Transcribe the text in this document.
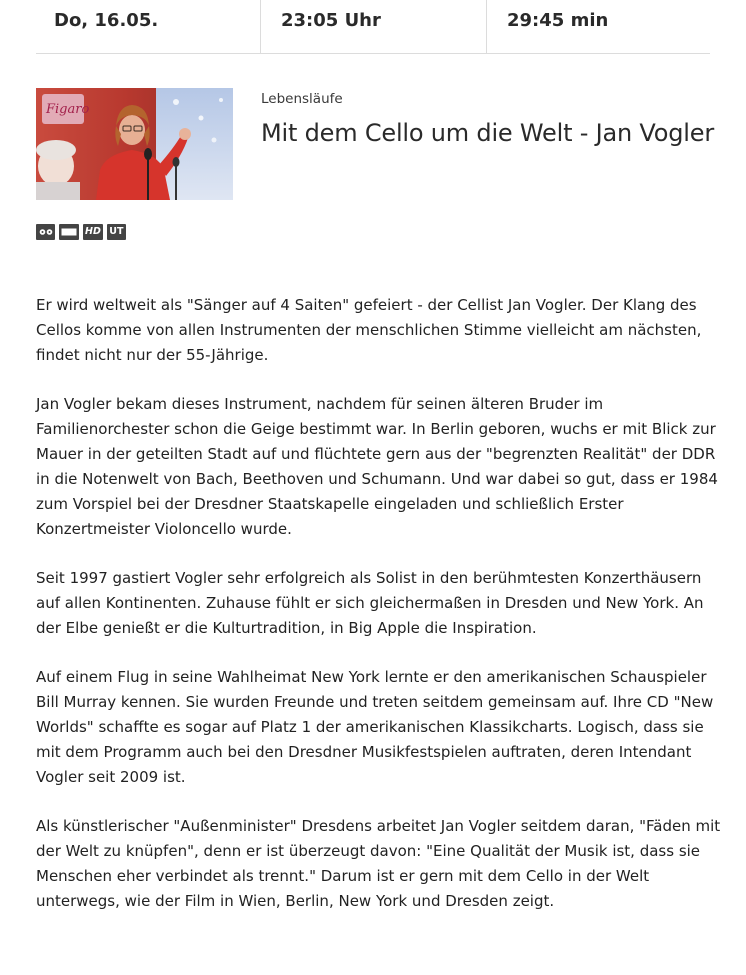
Do, 16.05.	23:05 Uhr	29:45 min
Figaro
Lebensläufe
Mit dem Cello um die Welt - Jan Vogler
HD UT

Er wird weltweit als "Sänger auf 4 Saiten" gefeiert - der Cellist Jan Vogler. Der Klang des Cellos komme von allen Instrumenten der menschlichen Stimme vielleicht am nächsten, findet nicht nur der 55-Jährige.

Jan Vogler bekam dieses Instrument, nachdem für seinen älteren Bruder im Familienorchester schon die Geige bestimmt war. In Berlin geboren, wuchs er mit Blick zur Mauer in der geteilten Stadt auf und flüchtete gern aus der "begrenzten Realität" der DDR in die Notenwelt von Bach, Beethoven und Schumann. Und war dabei so gut, dass er 1984 zum Vorspiel bei der Dresdner Staatskapelle eingeladen und schließlich Erster Konzertmeister Violoncello wurde.

Seit 1997 gastiert Vogler sehr erfolgreich als Solist in den berühmtesten Konzerthäusern auf allen Kontinenten. Zuhause fühlt er sich gleichermaßen in Dresden und New York. An der Elbe genießt er die Kulturtradition, in Big Apple die Inspiration.

Auf einem Flug in seine Wahlheimat New York lernte er den amerikanischen Schauspieler Bill Murray kennen. Sie wurden Freunde und treten seitdem gemeinsam auf. Ihre CD "New Worlds" schaffte es sogar auf Platz 1 der amerikanischen Klassikcharts. Logisch, dass sie mit dem Programm auch bei den Dresdner Musikfestspielen auftraten, deren Intendant Vogler seit 2009 ist.

Als künstlerischer "Außenminister" Dresdens arbeitet Jan Vogler seitdem daran, "Fäden mit der Welt zu knüpfen", denn er ist überzeugt davon: "Eine Qualität der Musik ist, dass sie Menschen eher verbindet als trennt." Darum ist er gern mit dem Cello in der Welt unterwegs, wie der Film in Wien, Berlin, New York und Dresden zeigt.
